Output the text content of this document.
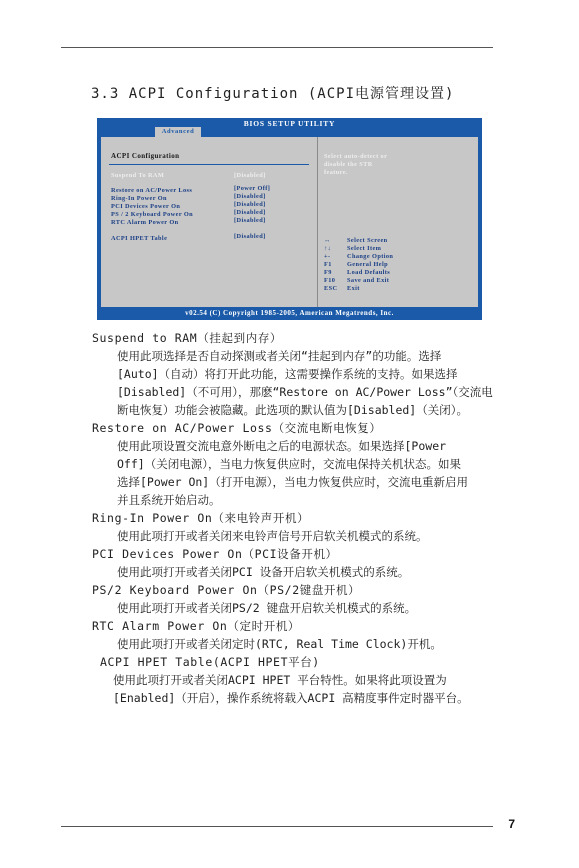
3.3 ACPI Configuration (ACPI电源管理设置)
BIOS SETUP UTILITY
ACPI Configuration
Suspend To RAM	[Disabled]
Restore on AC/Power Loss	[Power Off]
Ring-In Power On	[Disabled]
PCI Devices Power On	[Disabled]
PS / 2 Keyboard Power On	[Disabled]
RTC Alarm Power On	[Disabled]
ACPI HPET Table	[Disabled]
Select auto-detect or
disable the STR
feature.
↔	Select Screen
↑↓	Select Item
+-	Change Option
F1 General Help
F9 Load Defaults
F10 Save and Exit
ESC Exit
Advanced
v02.54 (C) Copyright 1985-2005, American Megatrends, Inc.
Suspend to RAM（挂起到内存）
使用此项选择是否自动探测或者关闭“挂起到内存”的功能。选择
[Auto]（自动）将打开此功能，这需要操作系统的支持。如果选择
[Disabled]（不可用），那麽“Restore on AC/Power Loss”（交流电
断电恢复）功能会被隐藏。此选项的默认值为[Disabled]（关闭）。
Restore on AC/Power Loss（交流电断电恢复）
使用此项设置交流电意外断电之后的电源状态。如果选择[Power
Off]（关闭电源），当电力恢复供应时，交流电保持关机状态。如果
选择[Power On]（打开电源），当电力恢复供应时，交流电重新启用
并且系统开始启动。
Ring-In Power On（来电铃声开机）
使用此项打开或者关闭来电铃声信号开启软关机模式的系统。
PCI Devices Power On（PCI设备开机）
使用此项打开或者关闭PCI 设备开启软关机模式的系统。
PS/2 Keyboard Power On（PS/2键盘开机）
使用此项打开或者关闭PS/2 键盘开启软关机模式的系统。
RTC Alarm Power On（定时开机）
使用此项打开或者关闭定时(RTC, Real Time Clock)开机。
ACPI HPET Table(ACPI HPET平台)
使用此项打开或者关闭ACPI HPET 平台特性。如果将此项设置为
[Enabled]（开启），操作系统将载入ACPI 高精度事件定时器平台。
7
